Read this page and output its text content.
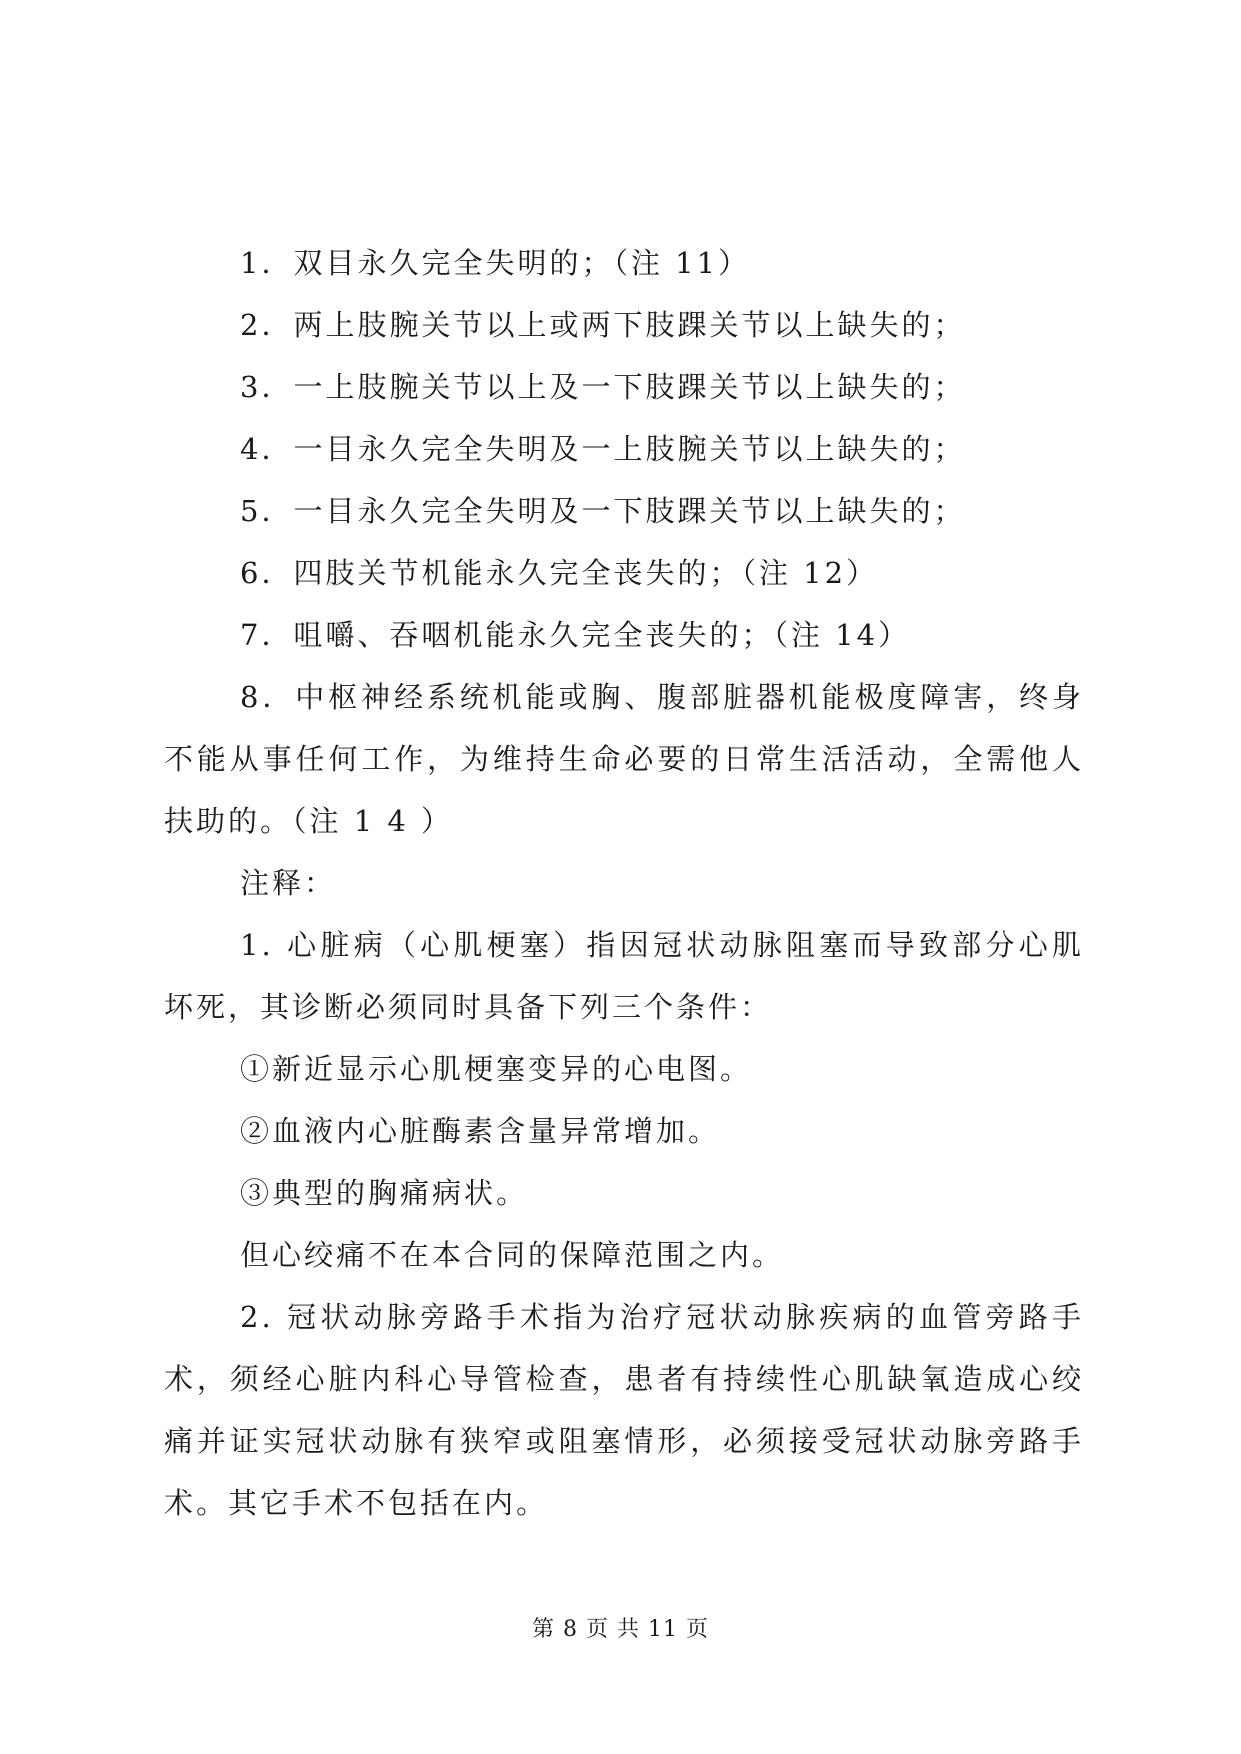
1．双目永久完全失明的；（注 11）

2．两上肢腕关节以上或两下肢踝关节以上缺失的；

3．一上肢腕关节以上及一下肢踝关节以上缺失的；

4．一目永久完全失明及一上肢腕关节以上缺失的；

5．一目永久完全失明及一下肢踝关节以上缺失的；

6．四肢关节机能永久完全丧失的；（注 12）

7．咀嚼、吞咽机能永久完全丧失的；（注 14）

8．中枢神经系统机能或胸、腹部脏器机能极度障害，终身不能从事任何工作，为维持生命必要的日常生活活动，全需他人扶助的。（注 1 4 ）

注释：

1. 心脏病（心肌梗塞）指因冠状动脉阻塞而导致部分心肌坏死，其诊断必须同时具备下列三个条件：

①新近显示心肌梗塞变异的心电图。

②血液内心脏酶素含量异常增加。

③典型的胸痛病状。

但心绞痛不在本合同的保障范围之内。

2. 冠状动脉旁路手术指为治疗冠状动脉疾病的血管旁路手术，须经心脏内科心导管检查，患者有持续性心肌缺氧造成心绞痛并证实冠状动脉有狭窄或阻塞情形，必须接受冠状动脉旁路手术。其它手术不包括在内。

第 8 页 共 11 页
